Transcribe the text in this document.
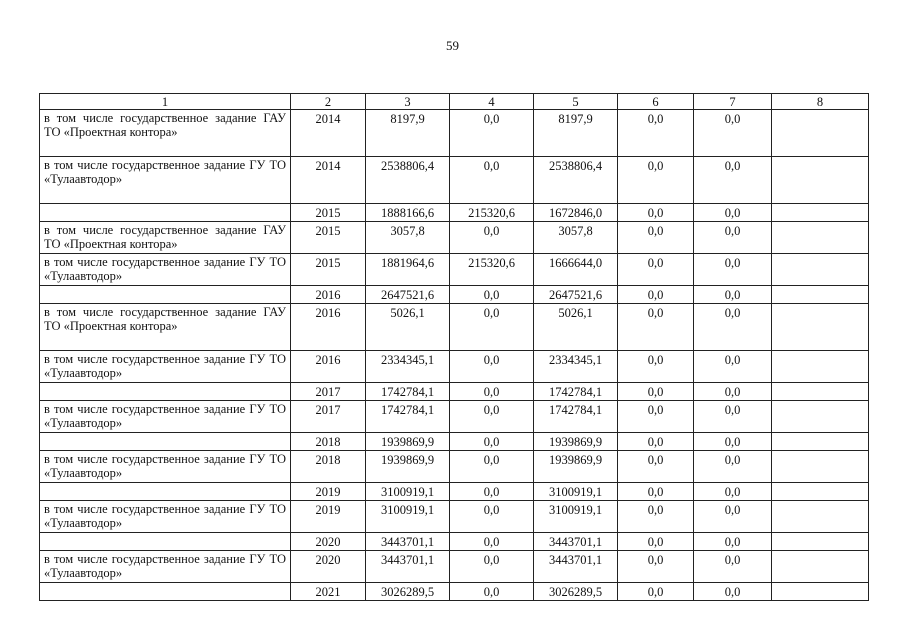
59
1	2	3	4	5	6	7	8
в том числе государственное задание ГАУ ТО «Проектная контора»	2014	8197,9	0,0	8197,9	0,0	0,0	
в том числе государственное задание ГУ ТО «Тулаавтодор»	2014	2538806,4	0,0	2538806,4	0,0	0,0	
	2015	1888166,6	215320,6	1672846,0	0,0	0,0	
в том числе государственное задание ГАУ ТО «Проектная контора»	2015	3057,8	0,0	3057,8	0,0	0,0	
в том числе государственное задание ГУ ТО «Тулаавтодор»	2015	1881964,6	215320,6	1666644,0	0,0	0,0	
	2016	2647521,6	0,0	2647521,6	0,0	0,0	
в том числе государственное задание ГАУ ТО «Проектная контора»	2016	5026,1	0,0	5026,1	0,0	0,0	
в том числе государственное задание ГУ ТО «Тулаавтодор»	2016	2334345,1	0,0	2334345,1	0,0	0,0	
	2017	1742784,1	0,0	1742784,1	0,0	0,0	
в том числе государственное задание ГУ ТО «Тулаавтодор»	2017	1742784,1	0,0	1742784,1	0,0	0,0	
	2018	1939869,9	0,0	1939869,9	0,0	0,0	
в том числе государственное задание ГУ ТО «Тулаавтодор»	2018	1939869,9	0,0	1939869,9	0,0	0,0	
	2019	3100919,1	0,0	3100919,1	0,0	0,0	
в том числе государственное задание ГУ ТО «Тулаавтодор»	2019	3100919,1	0,0	3100919,1	0,0	0,0	
	2020	3443701,1	0,0	3443701,1	0,0	0,0	
в том числе государственное задание ГУ ТО «Тулаавтодор»	2020	3443701,1	0,0	3443701,1	0,0	0,0	
	2021	3026289,5	0,0	3026289,5	0,0	0,0	
